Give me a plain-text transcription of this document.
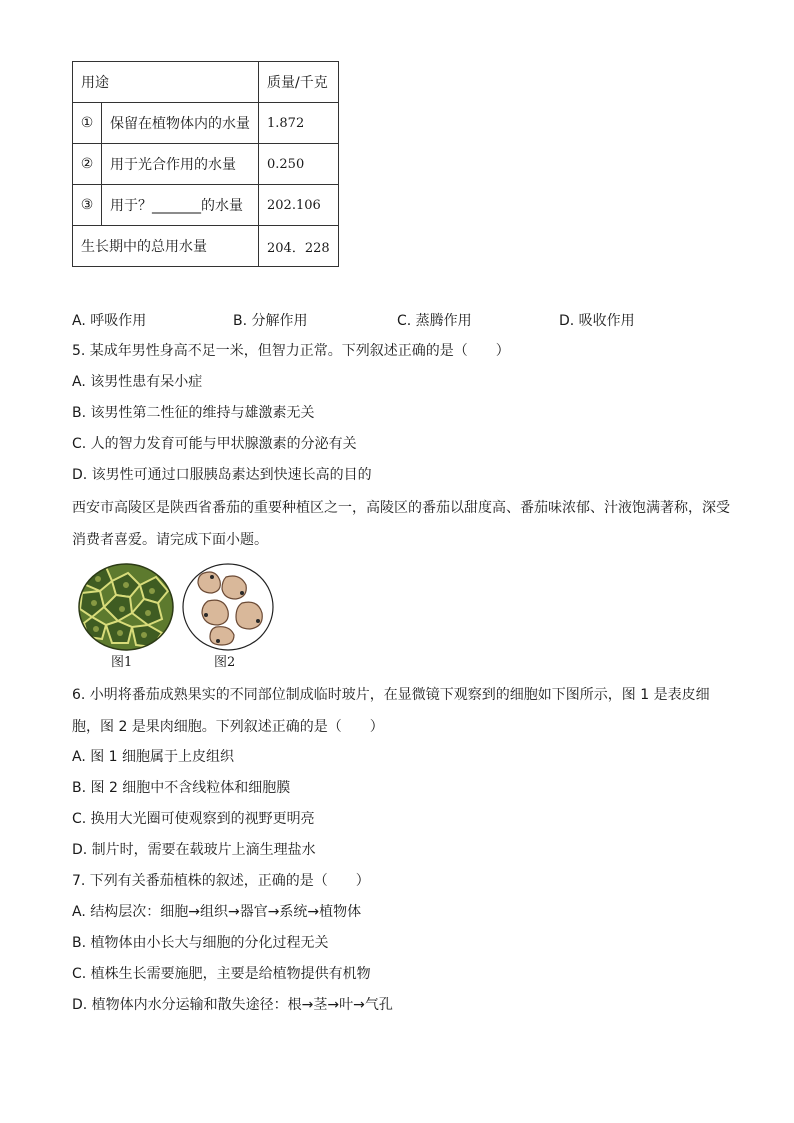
用途		质量/千克
①	保留在植物体内的水量	1.872
②	用于光合作用的水量	0.250
③	用于？_______的水量	202.106
生长期中的总用水量		204．228
A. 呼吸作用	B. 分解作用	C. 蒸腾作用	D. 吸收作用
5. 某成年男性身高不足一米，但智力正常。下列叙述正确的是（　　）
A. 该男性患有呆小症
B. 该男性第二性征的维持与雄激素无关
C. 人的智力发育可能与甲状腺激素的分泌有关
D. 该男性可通过口服胰岛素达到快速长高的目的
西安市高陵区是陕西省番茄的重要种植区之一，高陵区的番茄以甜度高、番茄味浓郁、汁液饱满著称，深受消费者喜爱。请完成下面小题。
图1	图2
6. 小明将番茄成熟果实的不同部位制成临时玻片，在显微镜下观察到的细胞如下图所示，图 1 是表皮细胞，图 2 是果肉细胞。下列叙述正确的是（　　）
A. 图 1 细胞属于上皮组织
B. 图 2 细胞中不含线粒体和细胞膜
C. 换用大光圈可使观察到的视野更明亮
D. 制片时，需要在载玻片上滴生理盐水
7. 下列有关番茄植株的叙述，正确的是（　　）
A. 结构层次：细胞→组织→器官→系统→植物体
B. 植物体由小长大与细胞的分化过程无关
C. 植株生长需要施肥，主要是给植物提供有机物
D. 植物体内水分运输和散失途径：根→茎→叶→气孔
